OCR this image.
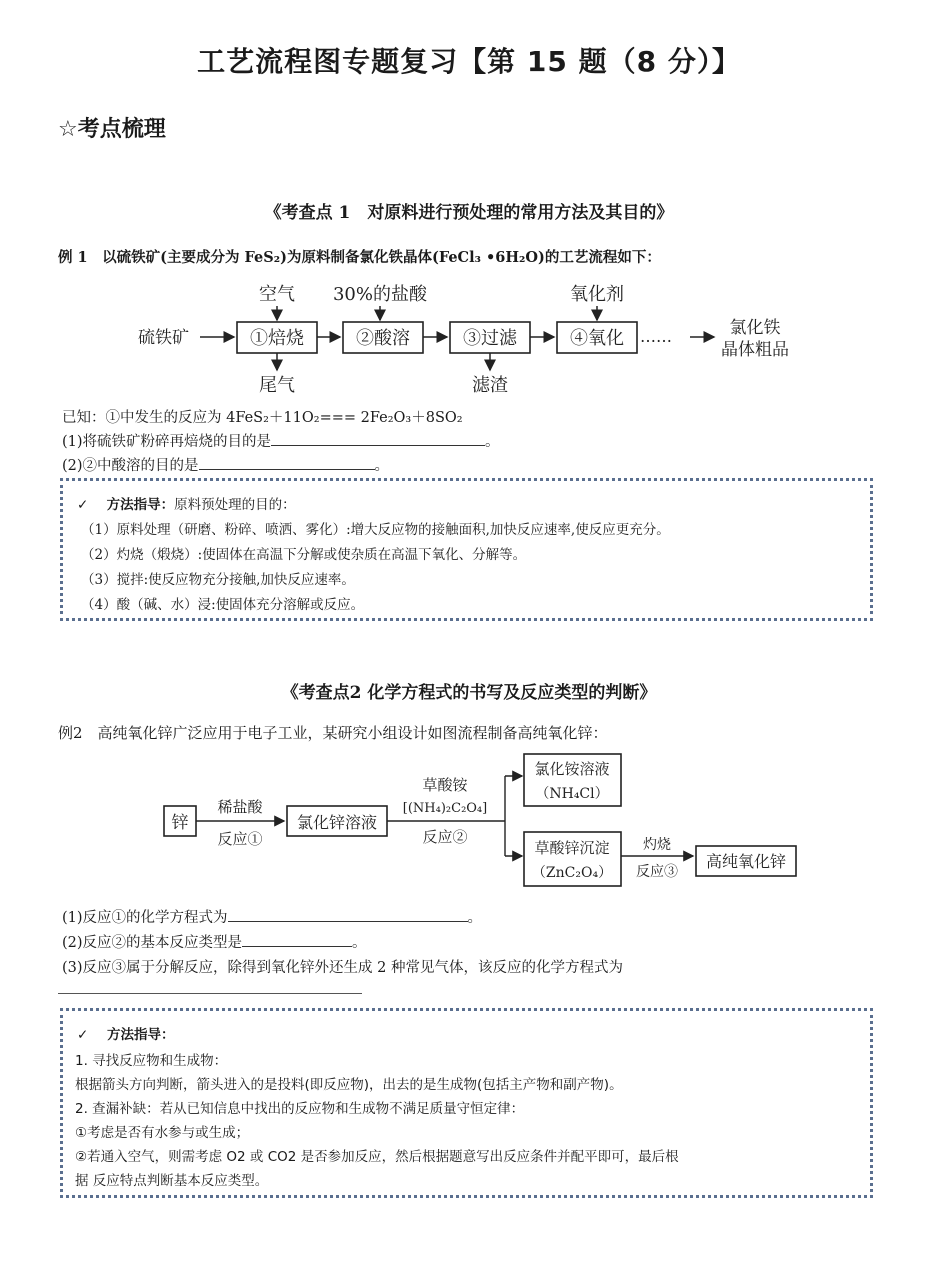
工艺流程图专题复习【第 15 题（8 分）】
☆考点梳理
《考查点 1　对原料进行预处理的常用方法及其目的》
例 1　以硫铁矿(主要成分为 FeS₂)为原料制备氯化铁晶体(FeCl₃ •6H₂O)的工艺流程如下：
空气 30%的盐酸	氧化剂
硫铁矿	①焙烧	②酸溶	③过滤	④氧化 ……	氯化铁
晶体粗品
尾气	滤渣
已知：①中发生的反应为 4FeS₂＋11O₂=== 2Fe₂O₃＋8SO₂
(1)将硫铁矿粉碎再焙烧的目的是	。
(2)②中酸溶的目的是	。
✓ 方法指导：原料预处理的目的：
（1）原料处理（研磨、粉碎、喷洒、雾化）:增大反应物的接触面积,加快反应速率,使反应更充分。
（2）灼烧（煅烧）:使固体在高温下分解或使杂质在高温下氧化、分解等。
（3）搅拌:使反应物充分接触,加快反应速率。
（4）酸（碱、水）浸:使固体充分溶解或反应。
《考查点2 化学方程式的书写及反应类型的判断》
例2　高纯氧化锌广泛应用于电子工业，某研究小组设计如图流程制备高纯氧化锌：
锌
稀盐酸
反应①
氯化锌溶液
草酸铵
[(NH₄)₂C₂O₄]
反应②
氯化铵溶液
（NH₄Cl）
草酸锌沉淀
（ZnC₂O₄）
灼烧
反应③
高纯氧化锌
(1)反应①的化学方程式为	。
(2)反应②的基本反应类型是	。
(3)反应③属于分解反应，除得到氧化锌外还生成 2 种常见气体，该反应的化学方程式为
✓ 方法指导：
1. 寻找反应物和生成物：
根据箭头方向判断，箭头进入的是投料(即反应物)，出去的是生成物(包括主产物和副产物)。
2. 查漏补缺：若从已知信息中找出的反应物和生成物不满足质量守恒定律：
①考虑是否有水参与或生成；
②若通入空气，则需考虑 O2 或 CO2 是否参加反应，然后根据题意写出反应条件并配平即可，最后根
据 反应特点判断基本反应类型。
